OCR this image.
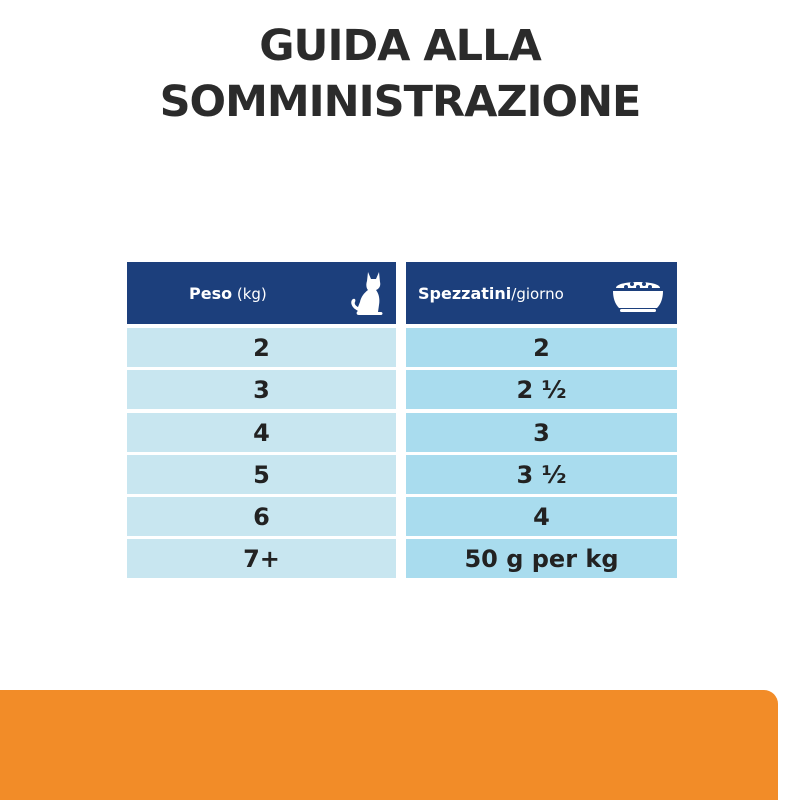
GUIDA ALLA
SOMMINISTRAZIONE
Peso (kg)	Spezzatini/giorno
2	2
3	2 ½
4	3
5	3 ½
6	4
7+	50 g per kg
